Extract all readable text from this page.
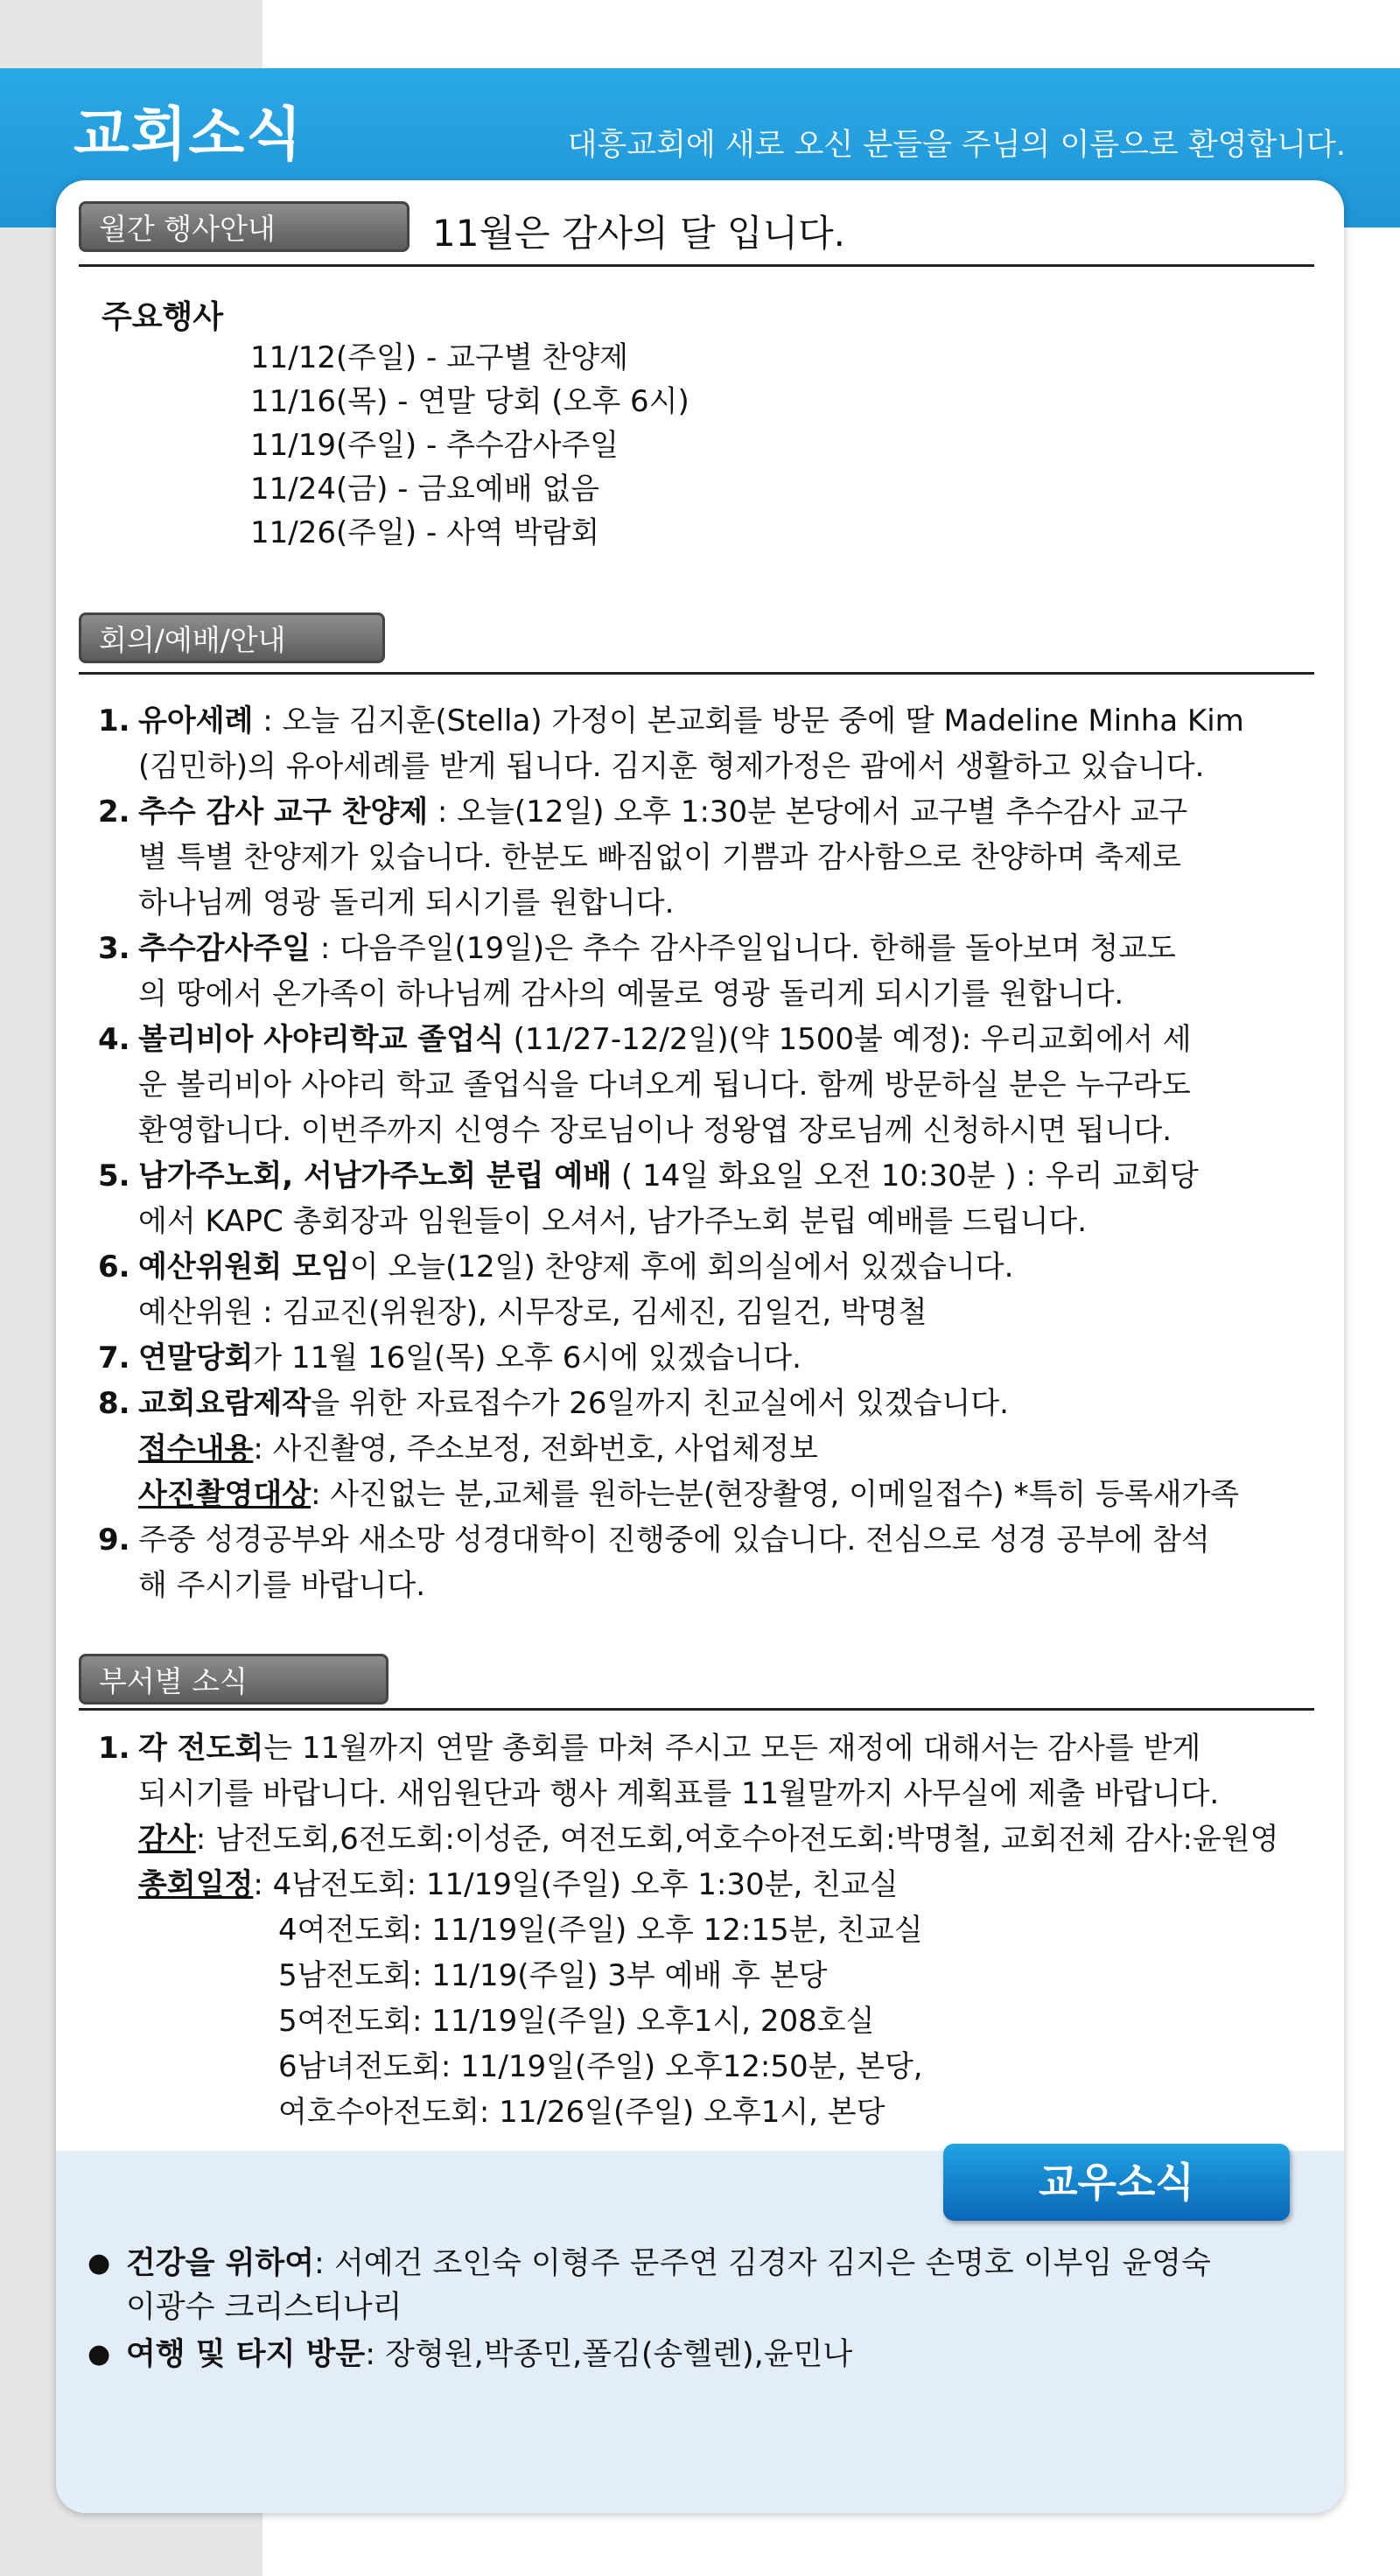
교회소식	대흥교회에 새로 오신 분들을 주님의 이름으로 환영합니다.
월간 행사안내	11월은 감사의 달 입니다.
주요행사
11/12(주일) - 교구별 찬양제
11/16(목) - 연말 당회 (오후 6시)
11/19(주일) - 추수감사주일
11/24(금) - 금요예배 없음
11/26(주일) - 사역 박람회
회의/예배/안내
1. 유아세례 : 오늘 김지훈(Stella) 가정이 본교회를 방문 중에 딸 Madeline Minha Kim

(김민하)의 유아세례를 받게 됩니다. 김지훈 형제가정은 괌에서 생활하고 있습니다.

2. 추수 감사 교구 찬양제 : 오늘(12일) 오후 1:30분 본당에서 교구별 추수감사 교구

별 특별 찬양제가 있습니다. 한분도 빠짐없이 기쁨과 감사함으로 찬양하며 축제로

하나님께 영광 돌리게 되시기를 원합니다.

3. 추수감사주일 : 다음주일(19일)은 추수 감사주일입니다. 한해를 돌아보며 청교도

의 땅에서 온가족이 하나님께 감사의 예물로 영광 돌리게 되시기를 원합니다.

4. 볼리비아 사야리학교 졸업식 (11/27-12/2일)(약 1500불 예정): 우리교회에서 세

운 볼리비아 사야리 학교 졸업식을 다녀오게 됩니다. 함께 방문하실 분은 누구라도

환영합니다. 이번주까지 신영수 장로님이나 정왕엽 장로님께 신청하시면 됩니다.

5. 남가주노회, 서남가주노회 분립 예배 ( 14일 화요일 오전 10:30분 ) : 우리 교회당

에서 KAPC 총회장과 임원들이 오셔서, 남가주노회 분립 예배를 드립니다.

6. 예산위원회 모임이 오늘(12일) 찬양제 후에 회의실에서 있겠습니다.

예산위원 : 김교진(위원장), 시무장로, 김세진, 김일건, 박명철

7. 연말당회가 11월 16일(목) 오후 6시에 있겠습니다.

8. 교회요람제작을 위한 자료접수가 26일까지 친교실에서 있겠습니다.

접수내용: 사진촬영, 주소보정, 전화번호, 사업체정보

사진촬영대상: 사진없는 분,교체를 원하는분(현장촬영, 이메일접수) *특히 등록새가족

9. 주중 성경공부와 새소망 성경대학이 진행중에 있습니다. 전심으로 성경 공부에 참석

해 주시기를 바랍니다.

부서별 소식
1. 각 전도회는 11월까지 연말 총회를 마쳐 주시고 모든 재정에 대해서는 감사를 받게

되시기를 바랍니다. 새임원단과 행사 계획표를 11월말까지 사무실에 제출 바랍니다.

감사: 남전도회,6전도회:이성준, 여전도회,여호수아전도회:박명철, 교회전체 감사:윤원영

총회일정: 4남전도회: 11/19일(주일) 오후 1:30분, 친교실

4여전도회: 11/19일(주일) 오후 12:15분, 친교실

5남전도회: 11/19(주일) 3부 예배 후 본당

5여전도회: 11/19일(주일) 오후1시, 208호실

6남녀전도회: 11/19일(주일) 오후12:50분, 본당,

여호수아전도회: 11/26일(주일) 오후1시, 본당

교우소식
● 건강을 위하여: 서예건 조인숙 이형주 문주연 김경자 김지은 손명호 이부임 윤영숙
이광수 크리스티나리
● 여행 및 타지 방문: 장형원,박종민,폴김(송헬렌),윤민나
